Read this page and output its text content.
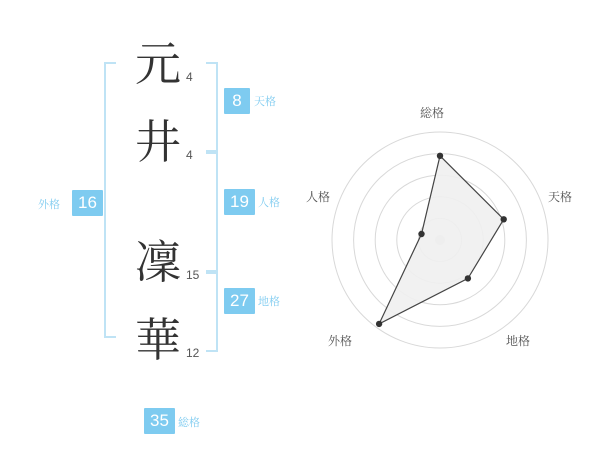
元 4
井 4
凜 15
華 12
8	天格
19 人格
27 地格
外格	16
35 総格
総格
天格
地格
外格
人格
